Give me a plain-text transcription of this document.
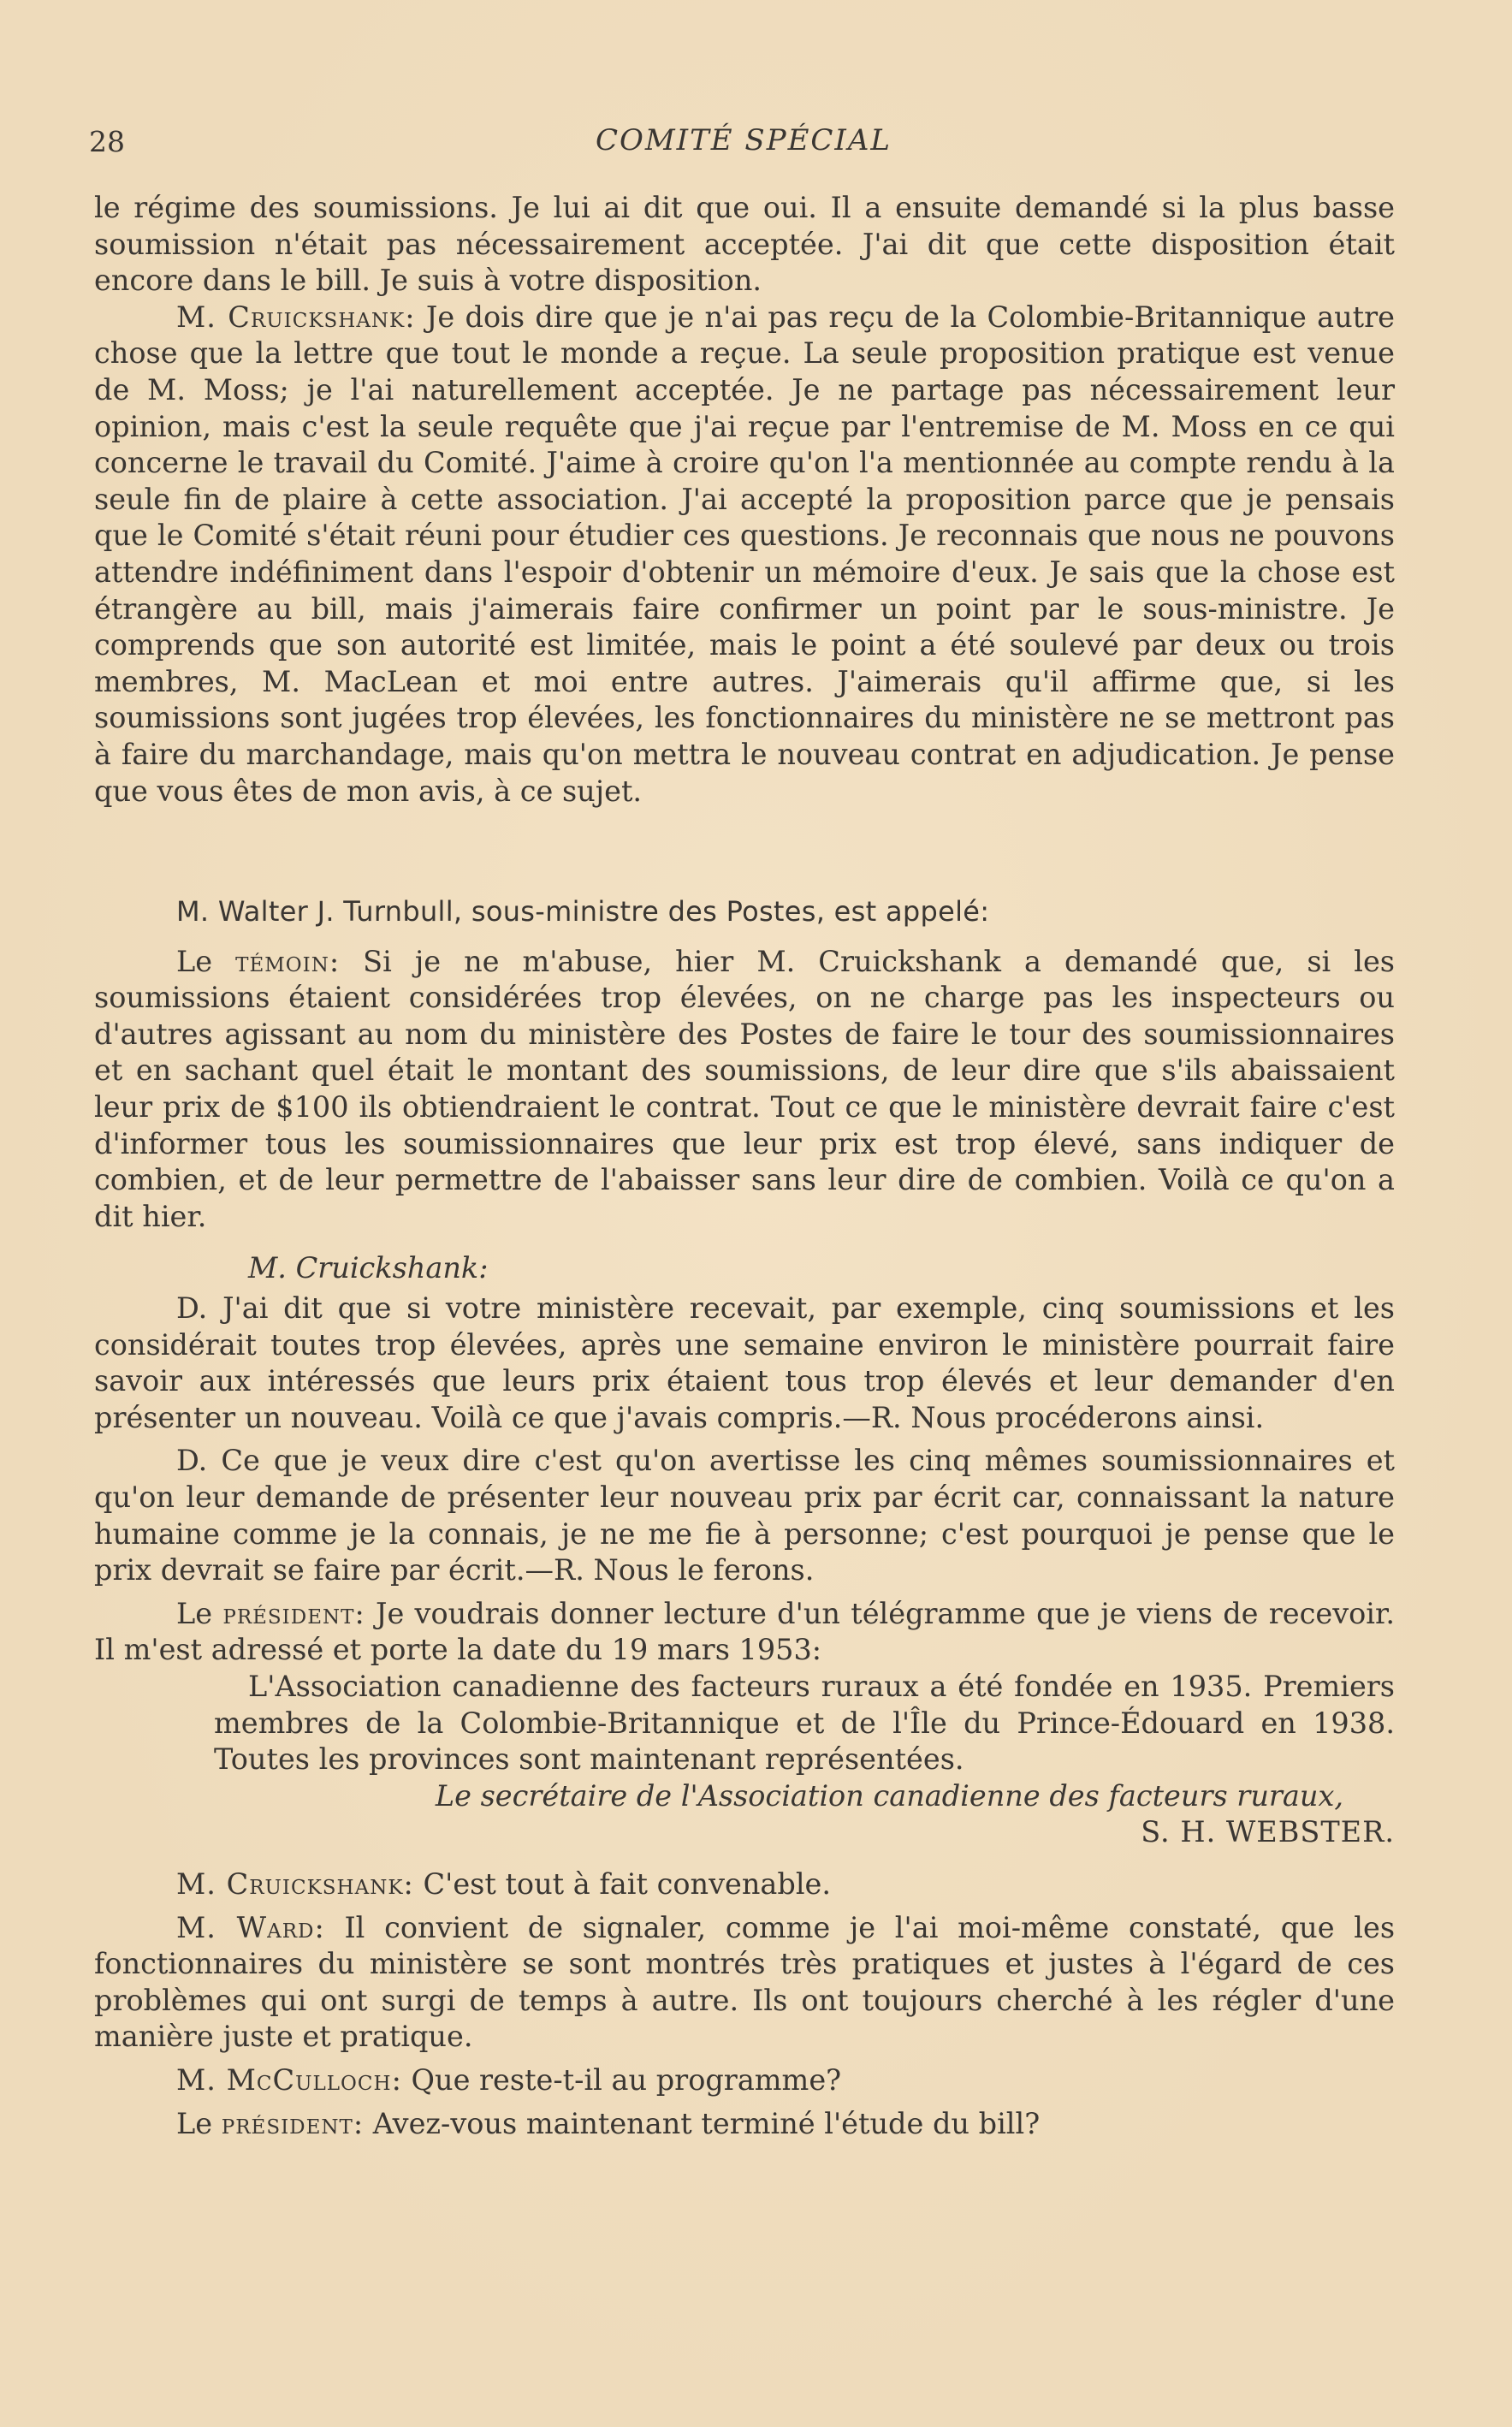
28	COMITÉ SPÉCIAL

le régime des soumissions. Je lui ai dit que oui. Il a ensuite demandé si la plus basse soumission n'était pas nécessairement acceptée. J'ai dit que cette disposition était encore dans le bill. Je suis à votre disposition.

M. Cruickshank: Je dois dire que je n'ai pas reçu de la Colombie-Britannique autre chose que la lettre que tout le monde a reçue. La seule proposition pratique est venue de M. Moss; je l'ai naturellement acceptée. Je ne partage pas nécessairement leur opinion, mais c'est la seule requête que j'ai reçue par l'entremise de M. Moss en ce qui concerne le travail du Comité. J'aime à croire qu'on l'a mentionnée au compte rendu à la seule fin de plaire à cette association. J'ai accepté la proposition parce que je pensais que le Comité s'était réuni pour étudier ces questions. Je reconnais que nous ne pouvons attendre indéfiniment dans l'espoir d'obtenir un mémoire d'eux. Je sais que la chose est étrangère au bill, mais j'aimerais faire confirmer un point par le sous-ministre. Je comprends que son autorité est limitée, mais le point a été soulevé par deux ou trois membres, M. MacLean et moi entre autres. J'aimerais qu'il affirme que, si les soumissions sont jugées trop élevées, les fonctionnaires du ministère ne se mettront pas à faire du marchandage, mais qu'on mettra le nouveau contrat en adjudication. Je pense que vous êtes de mon avis, à ce sujet.

M. Walter J. Turnbull, sous-ministre des Postes, est appelé:

Le témoin: Si je ne m'abuse, hier M. Cruickshank a demandé que, si les soumissions étaient considérées trop élevées, on ne charge pas les inspecteurs ou d'autres agissant au nom du ministère des Postes de faire le tour des soumissionnaires et en sachant quel était le montant des soumissions, de leur dire que s'ils abaissaient leur prix de $100 ils obtiendraient le contrat. Tout ce que le ministère devrait faire c'est d'informer tous les soumissionnaires que leur prix est trop élevé, sans indiquer de combien, et de leur permettre de l'abaisser sans leur dire de combien. Voilà ce qu'on a dit hier.

M. Cruickshank:

D. J'ai dit que si votre ministère recevait, par exemple, cinq soumissions et les considérait toutes trop élevées, après une semaine environ le ministère pourrait faire savoir aux intéressés que leurs prix étaient tous trop élevés et leur demander d'en présenter un nouveau. Voilà ce que j'avais compris.—R. Nous procéderons ainsi.

D. Ce que je veux dire c'est qu'on avertisse les cinq mêmes soumissionnaires et qu'on leur demande de présenter leur nouveau prix par écrit car, connaissant la nature humaine comme je la connais, je ne me fie à personne; c'est pourquoi je pense que le prix devrait se faire par écrit.—R. Nous le ferons.

Le président: Je voudrais donner lecture d'un télégramme que je viens de recevoir. Il m'est adressé et porte la date du 19 mars 1953:

L'Association canadienne des facteurs ruraux a été fondée en 1935. Premiers membres de la Colombie-Britannique et de l'Île du Prince-Édouard en 1938. Toutes les provinces sont maintenant représentées.

Le secrétaire de l'Association canadienne des facteurs ruraux,
S. H. WEBSTER.

M. Cruickshank: C'est tout à fait convenable.

M. Ward: Il convient de signaler, comme je l'ai moi-même constaté, que les fonctionnaires du ministère se sont montrés très pratiques et justes à l'égard de ces problèmes qui ont surgi de temps à autre. Ils ont toujours cherché à les régler d'une manière juste et pratique.

M. McCulloch: Que reste-t-il au programme?

Le président: Avez-vous maintenant terminé l'étude du bill?
